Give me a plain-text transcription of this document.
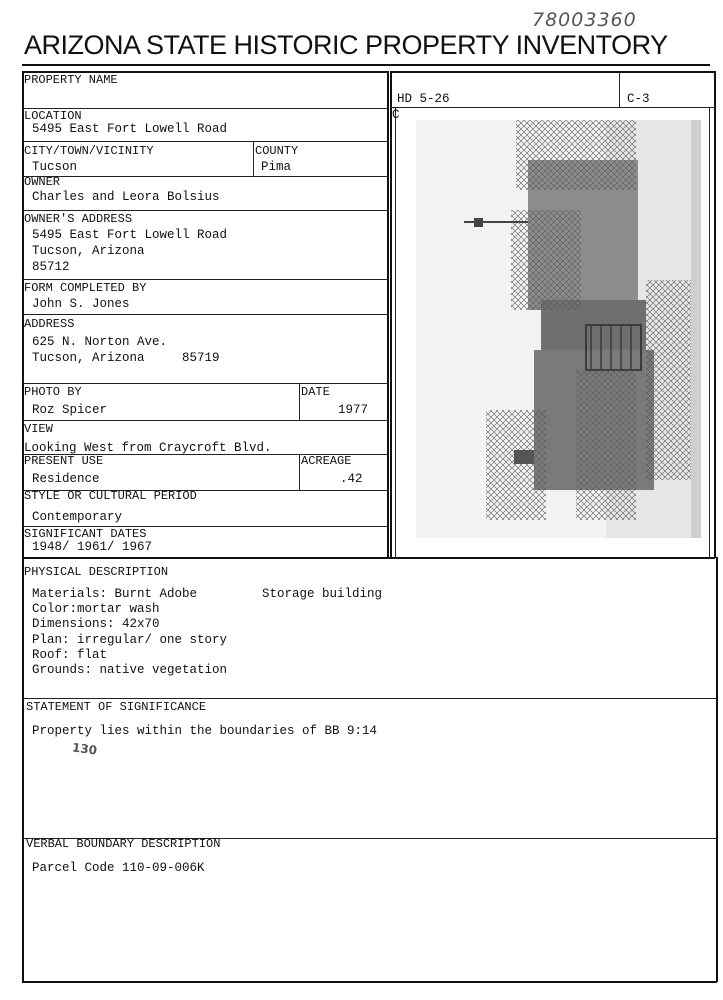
78003360
ARIZONA STATE HISTORIC PROPERTY INVENTORY
PROPERTY NAME
LOCATION
5495 East Fort Lowell Road
CITY/TOWN/VICINITY
Tucson
COUNTY
Pima
OWNER
Charles and Leora Bolsius
OWNER'S ADDRESS
5495 East Fort Lowell Road
Tucson, Arizona
85712
FORM COMPLETED BY
John S. Jones
ADDRESS
625 N. Norton Ave.
Tucson, Arizona     85719
PHOTO BY
Roz Spicer
DATE
1977
VIEW
Looking West from Craycroft Blvd.
PRESENT USE
Residence
ACREAGE
.42
STYLE OR CULTURAL PERIOD
Contemporary
SIGNIFICANT DATES
1948/ 1961/ 1967
HD 5-26	C-3
C
PHYSICAL DESCRIPTION
Materials: Burnt Adobe	Storage building
Color:mortar wash
Dimensions: 42x70
Plan: irregular/ one story
Roof: flat
Grounds: native vegetation
STATEMENT OF SIGNIFICANCE
Property lies within the boundaries of BB 9:14
130
VERBAL BOUNDARY DESCRIPTION
Parcel Code 110-09-006K
